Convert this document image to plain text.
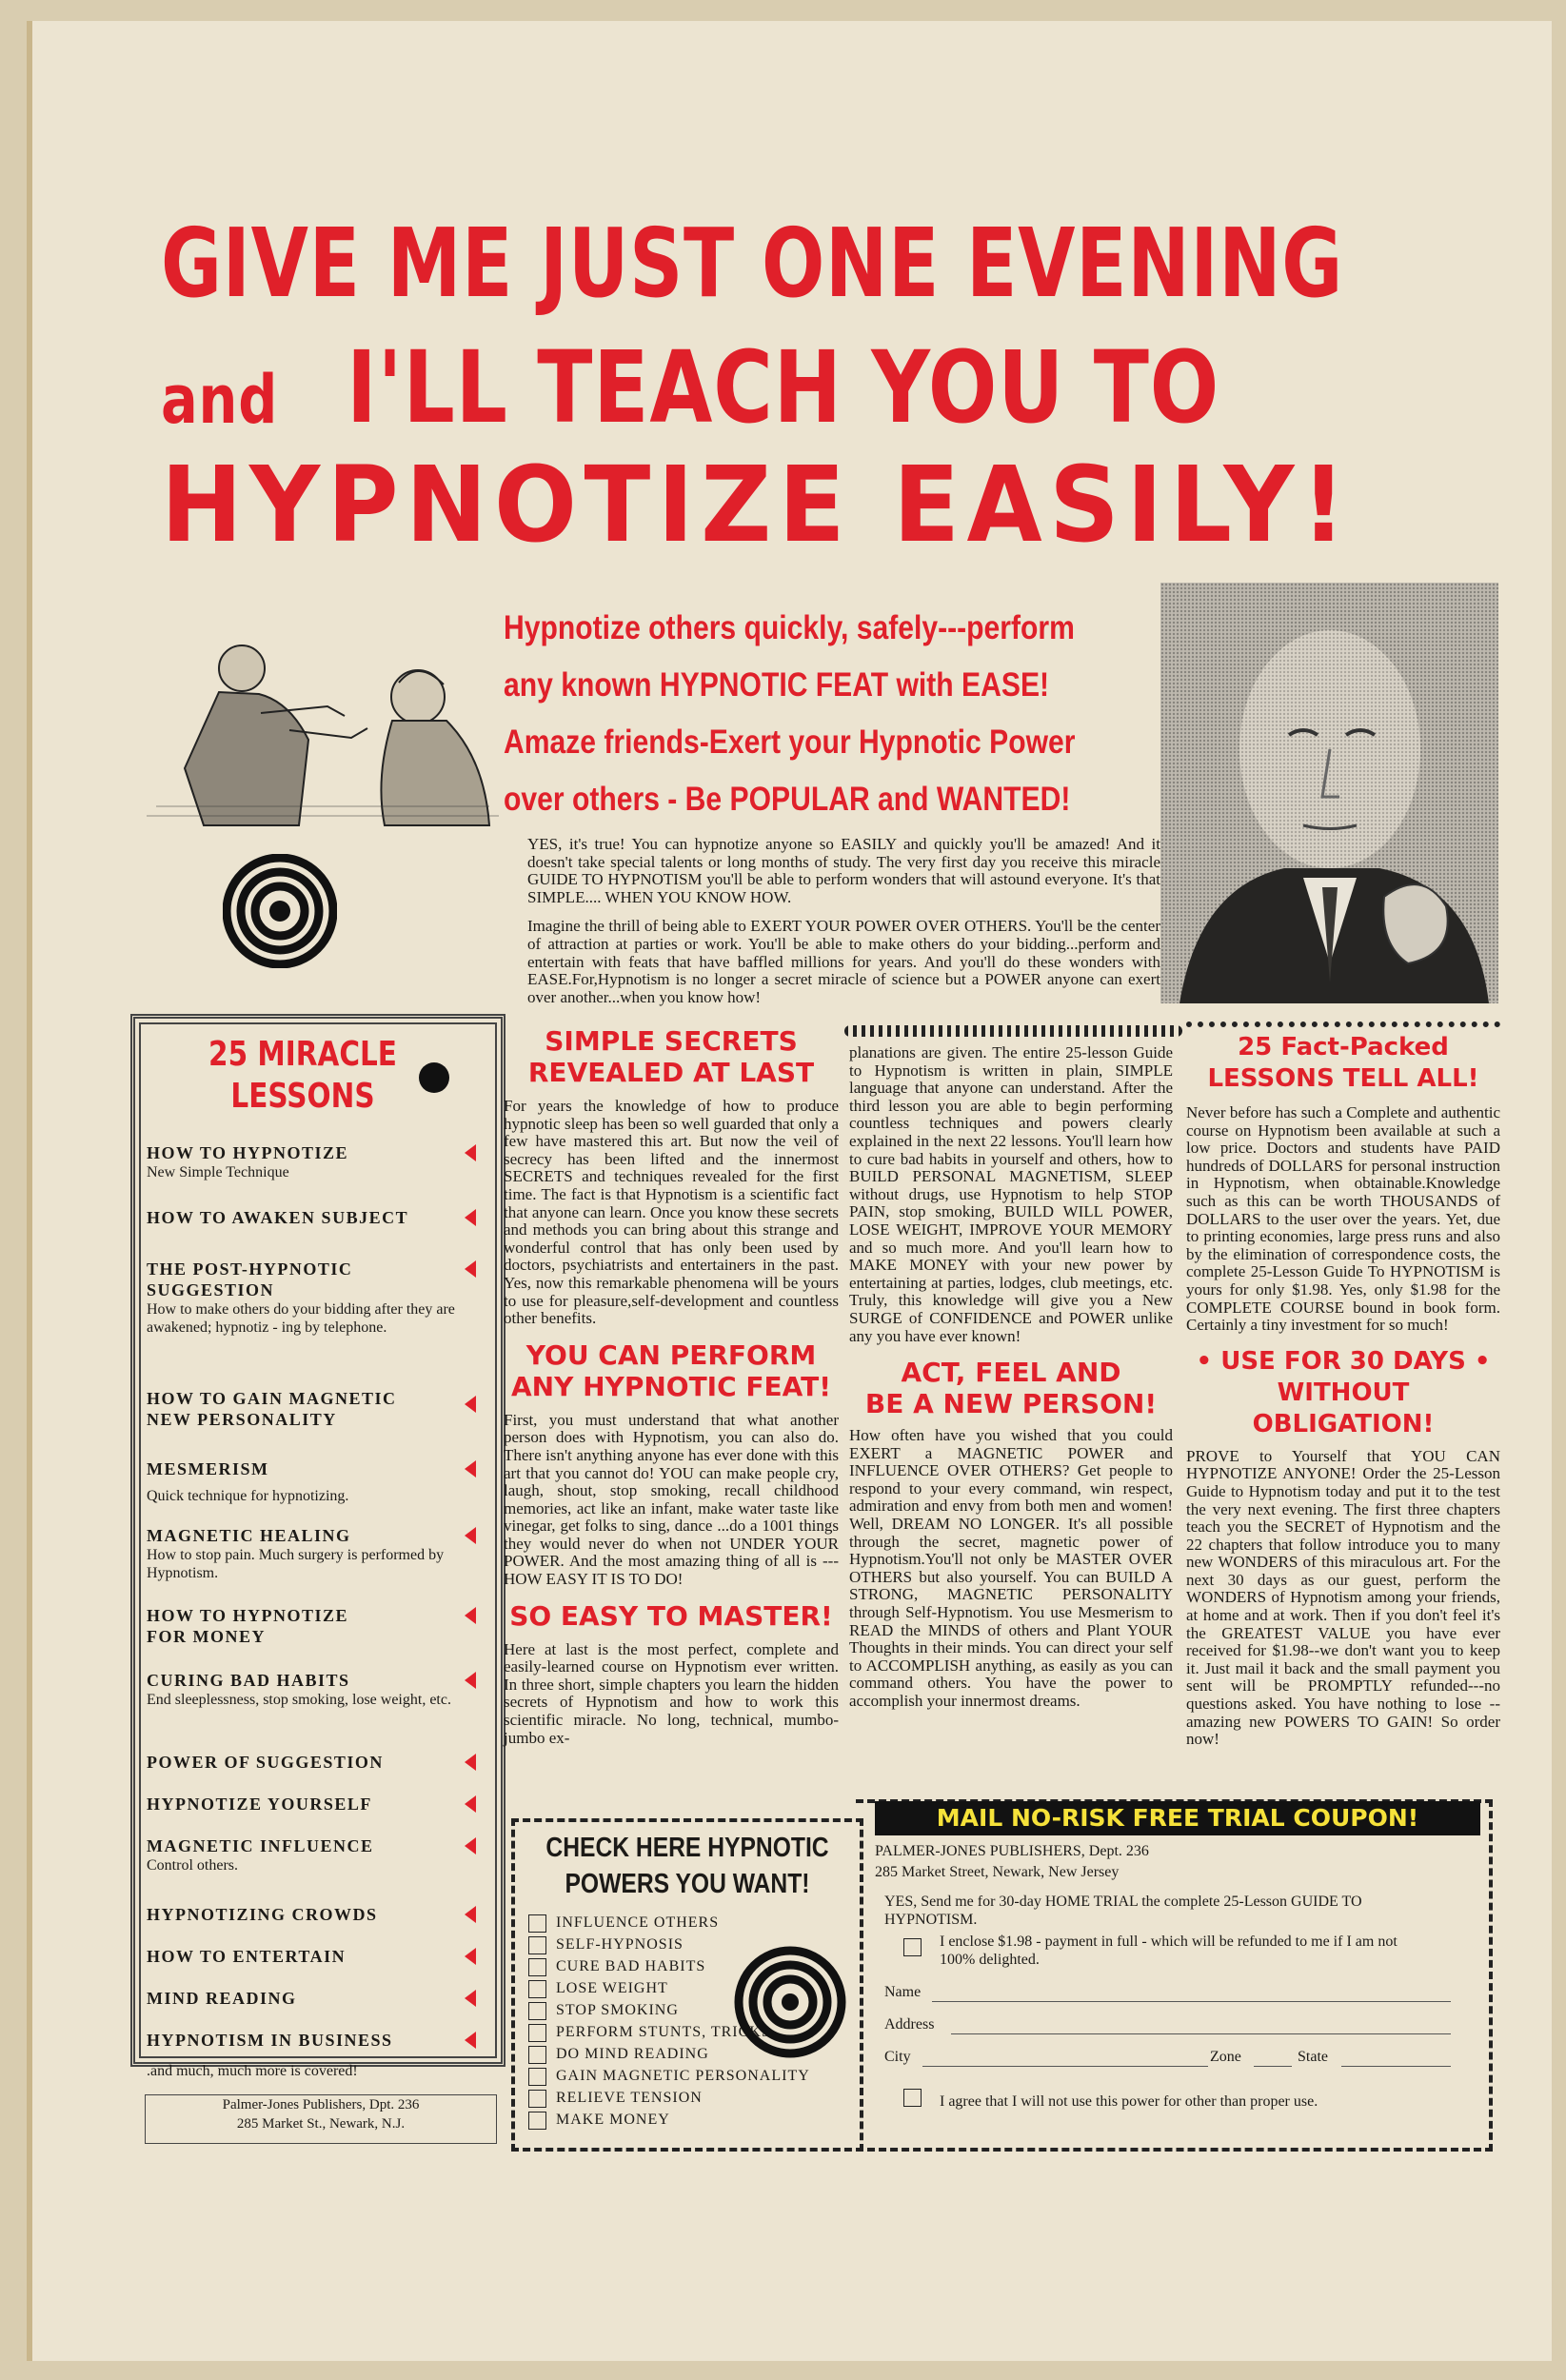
GIVE ME JUST ONE EVENING
and I'LL TEACH YOU TO
HYPNOTIZE EASILY!
Hypnotize others quickly, safely---perform
any known HYPNOTIC FEAT with EASE!
Amaze friends-Exert your Hypnotic Power
over others - Be POPULAR and WANTED!

YES, it's true! You can hypnotize anyone so EASILY and quickly you'll be amazed! And it doesn't take special talents or long months of study. The very first day you receive this miracle GUIDE TO HYPNOTISM you'll be able to perform wonders that will astound everyone. It's that SIMPLE.... WHEN YOU KNOW HOW.

Imagine the thrill of being able to EXERT YOUR POWER OVER OTHERS. You'll be the center of attraction at parties or work. You'll be able to make others do your bidding...perform and entertain with feats that have baffled millions for years. And you'll do these wonders with EASE.For,Hypnotism is no longer a secret miracle of science but a POWER anyone can exert over another...when you know how!

25 MIRACLE
LESSONS
HOW TO HYPNOTIZE
New Simple Technique
HOW TO AWAKEN SUBJECT
THE POST-HYPNOTIC SUGGESTION
How to make others do your bidding after they are awakened; hypnotiz - ing by telephone.
HOW TO GAIN MAGNETIC NEW PERSONALITY
MESMERISM
Quick technique for hypnotizing.
MAGNETIC HEALING
How to stop pain. Much surgery is performed by Hypnotism.
HOW TO HYPNOTIZE FOR MONEY
CURING BAD HABITS
End sleeplessness, stop smoking, lose weight, etc.
POWER OF SUGGESTION
HYPNOTIZE YOURSELF
MAGNETIC INFLUENCE
Control others.
HYPNOTIZING CROWDS
HOW TO ENTERTAIN
MIND READING
HYPNOTISM IN BUSINESS
.and much, much more is covered!
Palmer-Jones Publishers, Dpt. 236
285 Market St., Newark, N.J.
SIMPLE SECRETS
REVEALED AT LAST

For years the knowledge of how to produce hypnotic sleep has been so well guarded that only a few have mastered this art. But now the veil of secrecy has been lifted and the innermost SECRETS and techniques revealed for the first time. The fact is that Hypnotism is a scientific fact that anyone can learn. Once you know these secrets and methods you can bring about this strange and wonderful control that has only been used by doctors, psychiatrists and entertainers in the past. Yes, now this remarkable phenomena will be yours to use for pleasure,self-development and countless other benefits.

YOU CAN PERFORM
ANY HYPNOTIC FEAT!

First, you must understand that what another person does with Hypnotism, you can also do. There isn't anything anyone has ever done with this art that you cannot do! YOU can make people cry, laugh, shout, stop smoking, recall childhood memories, act like an infant, make water taste like vinegar, get folks to sing, dance ...do a 1001 things they would never do when not UNDER YOUR POWER. And the most amazing thing of all is --- HOW EASY IT IS TO DO!

SO EASY TO MASTER!

Here at last is the most perfect, complete and easily-learned course on Hypnotism ever written. In three short, simple chapters you learn the hidden secrets of Hypnotism and how to work this scientific miracle. No long, technical, mumbo-jumbo ex-

planations are given. The entire 25-lesson Guide to Hypnotism is written in plain, SIMPLE language that anyone can understand. After the third lesson you are able to begin performing countless techniques and powers clearly explained in the next 22 lessons. You'll learn how to cure bad habits in yourself and others, how to BUILD PERSONAL MAGNETISM, SLEEP without drugs, use Hypnotism to help STOP PAIN, stop smoking, BUILD WILL POWER, LOSE WEIGHT, IMPROVE YOUR MEMORY and so much more. And you'll learn how to MAKE MONEY with your new power by entertaining at parties, lodges, club meetings, etc. Truly, this knowledge will give you a New SURGE of CONFIDENCE and POWER unlike any you have ever known!

ACT, FEEL AND
BE A NEW PERSON!

How often have you wished that you could EXERT a MAGNETIC POWER and INFLUENCE OVER OTHERS? Get people to respond to your every command, win respect, admiration and envy from both men and women! Well, DREAM NO LONGER. It's all possible through the secret, magnetic power of Hypnotism.You'll not only be MASTER OVER OTHERS but also yourself. You can BUILD A STRONG, MAGNETIC PERSONALITY through Self-Hypnotism. You use Mesmerism to READ the MINDS of others and Plant YOUR Thoughts in their minds. You can direct your self to ACCOMPLISH anything, as easily as you can command others. You have the power to accomplish your innermost dreams.

25 Fact-Packed
LESSONS TELL ALL!

Never before has such a Complete and authentic course on Hypnotism been available at such a low price. Doctors and students have PAID hundreds of DOLLARS for personal instruction in Hypnotism, when obtainable.Knowledge such as this can be worth THOUSANDS of DOLLARS to the user over the years. Yet, due to printing economies, large press runs and also by the elimination of correspondence costs, the complete 25-Lesson Guide To HYPNOTISM is yours for only $1.98. Yes, only $1.98 for the COMPLETE COURSE bound in book form. Certainly a tiny investment for so much!

• USE FOR 30 DAYS •
WITHOUT OBLIGATION!

PROVE to Yourself that YOU CAN HYPNOTIZE ANYONE! Order the 25-Lesson Guide to Hypnotism today and put it to the test the very next evening. The first three chapters teach you the SECRET of Hypnotism and the 22 chapters that follow introduce you to many new WONDERS of this miraculous art. For the next 30 days as our guest, perform the WONDERS of Hypnotism among your friends, at home and at work. Then if you don't feel it's the GREATEST VALUE you have ever received for $1.98--we don't want you to keep it. Just mail it back and the small payment you sent will be PROMPTLY refunded---no questions asked. You have nothing to lose -- amazing new POWERS TO GAIN! So order now!

CHECK HERE HYPNOTIC
POWERS YOU WANT!
INFLUENCE OTHERS
SELF-HYPNOSIS
CURE BAD HABITS
LOSE WEIGHT
STOP SMOKING
PERFORM STUNTS, TRICKS
DO MIND READING
GAIN MAGNETIC PERSONALITY
RELIEVE TENSION
MAKE MONEY
MAIL NO-RISK FREE TRIAL COUPON!
PALMER-JONES PUBLISHERS, Dept. 236
285 Market Street, Newark, New Jersey
YES, Send me for 30-day HOME TRIAL the complete 25-Lesson GUIDE TO HYPNOTISM.
I enclose $1.98 - payment in full - which will be refunded to me if I am not 100% delighted.
Name
Address
City	Zone	State
I agree that I will not use this power for other than proper use.
